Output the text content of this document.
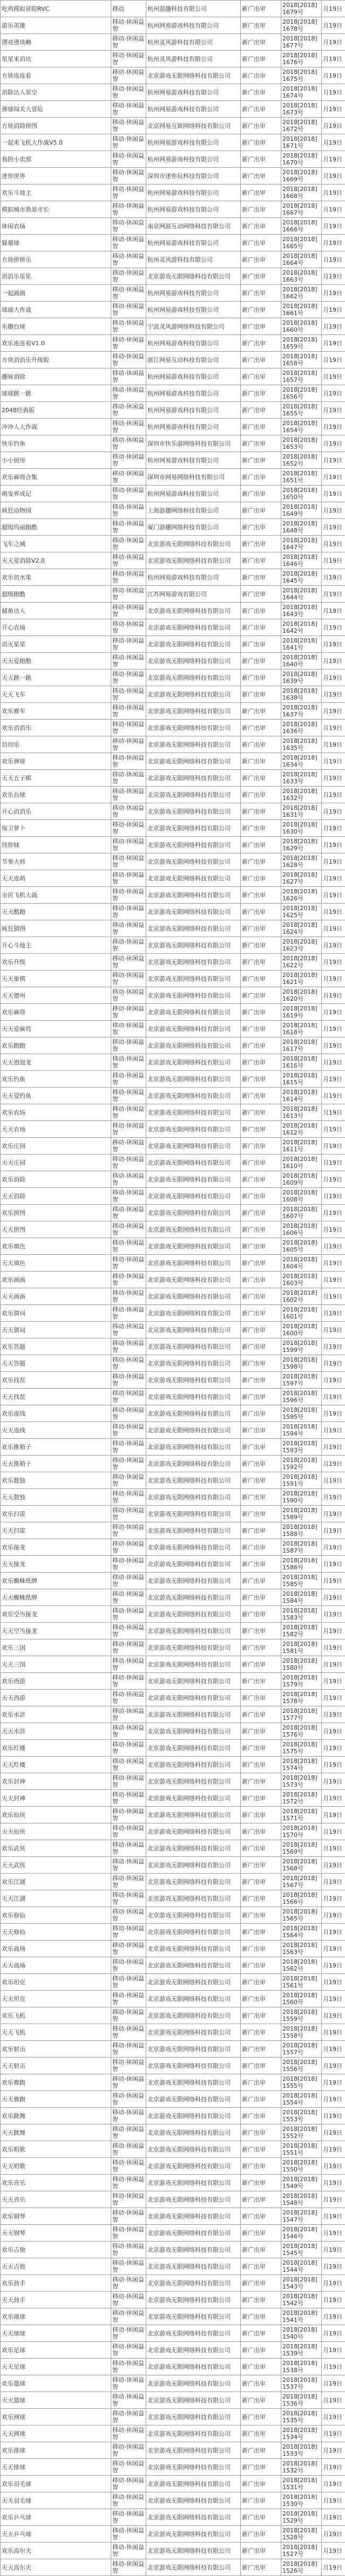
吃鸡模拟冒险RVC	移动	杭州游趣科技有限公司	新广出审	2018[2018]1679号	月19日
游乐英雄	移动-休闲益智	杭州网易游戏科技有限公司	新广出审	2018[2018]1678号	月19日
漂亮滑块赖	移动-休闲益智	杭州灵风游科技有限公司	新广出审	2018[2018]1677号	月19日
星星来消坑	移动-休闲益智	杭州灵风游科技有限公司	新广出审	2018[2018]1676号	月19日
方块连连看	移动-休闲益智	北京游戏无限网络科技有限公司	新广出审	2018[2018]1675号	月19日
消除达人星空	移动-休闲益智	杭州网易游戏科技有限公司	新广出审	2018[2018]1674号	月19日
弹球闯关大冒险	移动-休闲益智	杭州网易游戏科技有限公司	新广出审	2018[2018]1673号	月19日
方块消除拼图	移动-休闲益智	北京网易互娱网络科技有限公司	新广出审	2018[2018]1672号	月19日
一起来飞机大作战V5.0	移动-休闲益智	杭州网易游戏科技有限公司	新广出审	2018[2018]1671号	月19日
我的小卖部	移动-休闲益智	杭州网易游戏科技有限公司	新广出审	2018[2018]1670号	月19日
迷你世界	移动-休闲益智	深圳市迷你玩科技有限公司	新广出审	2018[2018]1669号	月19日
欢乐斗地主	移动-休闲益智	杭州网易游戏科技有限公司	新广出审	2018[2018]1668号	月19日
模拟城市我是市长	移动-休闲益智	杭州网易游戏科技有限公司	新广出审	2018[2018]1667号	月19日
休闲农场	移动-休闲益智	南京网游互动网络科技有限公司	新广出审	2018[2018]1666号	月19日
躲避球	移动-休闲益智	杭州网易游戏科技有限公司	新广出审	2018[2018]1665号	月19日
方块拼拼乐	移动-休闲益智	杭州灵风游科技有限公司	新广出审	2018[2018]1664号	月19日
消消乐星星	移动-休闲益智	北京游戏无限网络科技有限公司	新广出审	2018[2018]1663号	月19日
一起画画	移动-休闲益智	杭州网易游戏科技有限公司	新广出审	2018[2018]1662号	月19日
球球大作战	移动-休闲益智	杭州网易游戏科技有限公司	新广出审	2018[2018]1661号	月19日
乐趣台球	移动-休闲益智	宁波灵风游网络科技有限公司	新广出审	2018[2018]1660号	月19日
欢乐连连看V1.0	移动-休闲益智	杭州网易游戏科技有限公司	新广出审	2018[2018]1659号	月19日
方块消消乐升级版	移动-休闲益智	浙江网易互动科技有限公司	新广出审	2018[2018]1658号	月19日
趣味消除	移动-休闲益智	杭州网易游戏科技有限公司	新广出审	2018[2018]1657号	月19日
球球跳一跳	移动-休闲益智	杭州网易游戏科技有限公司	新广出审	2018[2018]1656号	月19日
2048经典版	移动-休闲益智	杭州网易游戏科技有限公司	新广出审	2018[2018]1655号	月19日
冲冲人大作战	移动-休闲益智	杭州网易游戏科技有限公司	新广出审	2018[2018]1654号	月19日
快乐钓鱼	移动-休闲益智	深圳市快乐游网络科技有限公司	新广出审	2018[2018]1653号	月19日
小小厨房	移动-休闲益智	杭州网易游戏科技有限公司	新广出审	2018[2018]1652号	月19日
欢乐麻将合集	移动-休闲益智	深圳市网易网络科技有限公司	新广出审	2018[2018]1651号	月19日
萌宠养成记	移动-休闲益智	杭州网易游戏科技有限公司	新广出审	2018[2018]1650号	月19日
疯狂动物园	移动-休闲益智	上海游趣网络科技有限公司	新广出审	2018[2018]1649号	月19日
超级玛丽跑酷	移动-休闲益智	厦门游趣网络科技有限公司	新广出审	2018[2018]1648号	月19日
飞车之城	移动-休闲益智	北京游戏无限网络科技有限公司	新广出审	2018[2018]1647号	月19日
天天爱消除V2.0	移动-休闲益智	北京游戏无限网络科技有限公司	新广出审	2018[2018]1646号	月19日
欢乐切水果	移动-休闲益智	杭州网易游戏科技有限公司	新广出审	2018[2018]1645号	月19日
超级跑酷	移动-休闲益智	江苏网易游戏有限公司	新广出审	2018[2018]1644号	月19日
捕鱼达人	移动-休闲益智	北京游戏无限网络科技有限公司	新广出审	2018[2018]1643号	月19日
开心农场	移动-休闲益智	北京游戏无限网络科技有限公司	新广出审	2018[2018]1642号	月19日
消灭星星	移动-休闲益智	北京游戏无限网络科技有限公司	新广出审	2018[2018]1641号	月19日
天天爱跑酷	移动-休闲益智	北京游戏无限网络科技有限公司	新广出审	2018[2018]1640号	月19日
天天跳一跳	移动-休闲益智	北京游戏无限网络科技有限公司	新广出审	2018[2018]1639号	月19日
天天飞车	移动-休闲益智	北京游戏无限网络科技有限公司	新广出审	2018[2018]1638号	月19日
欢乐赛车	移动-休闲益智	北京游戏无限网络科技有限公司	新广出审	2018[2018]1637号	月19日
欢乐消消乐	移动-休闲益智	北京游戏无限网络科技有限公司	新广出审	2018[2018]1636号	月19日
切切乐	移动-休闲益智	北京游戏无限网络科技有限公司	新广出审	2018[2018]1635号	月19日
欢乐弹球	移动-休闲益智	北京游戏无限网络科技有限公司	新广出审	2018[2018]1634号	月19日
天天五子棋	移动-休闲益智	北京游戏无限网络科技有限公司	新广出审	2018[2018]1633号	月19日
欢乐台球	移动-休闲益智	北京游戏无限网络科技有限公司	新广出审	2018[2018]1632号	月19日
开心消消乐	移动-休闲益智	北京游戏无限网络科技有限公司	新广出审	2018[2018]1631号	月19日
保卫萝卜	移动-休闲益智	北京游戏无限网络科技有限公司	新广出审	2018[2018]1630号	月19日
找你妹	移动-休闲益智	北京游戏无限网络科技有限公司	新广出审	2018[2018]1629号	月19日
节奏大师	移动-休闲益智	北京游戏无限网络科技有限公司	新广出审	2018[2018]1628号	月19日
天天连萌	移动-休闲益智	北京游戏无限网络科技有限公司	新广出审	2018[2018]1627号	月19日
全民飞机大战	移动-休闲益智	北京游戏无限网络科技有限公司	新广出审	2018[2018]1626号	月19日
天天酷跑	移动-休闲益智	北京游戏无限网络科技有限公司	新广出审	2018[2018]1625号	月19日
疯狂猜图	移动-休闲益智	北京游戏无限网络科技有限公司	新广出审	2018[2018]1624号	月19日
开心斗地主	移动-休闲益智	北京游戏无限网络科技有限公司	新广出审	2018[2018]1623号	月19日
欢乐升级	移动-休闲益智	北京游戏无限网络科技有限公司	新广出审	2018[2018]1622号	月19日
天天象棋	移动-休闲益智	北京游戏无限网络科技有限公司	新广出审	2018[2018]1621号	月19日
天天德州	移动-休闲益智	北京游戏无限网络科技有限公司	新广出审	2018[2018]1620号	月19日
欢乐麻将	移动-休闲益智	北京游戏无限网络科技有限公司	新广出审	2018[2018]1619号	月19日
天天爱麻将	移动-休闲益智	北京游戏无限网络科技有限公司	新广出审	2018[2018]1618号	月19日
欢乐跑跑	移动-休闲益智	北京游戏无限网络科技有限公司	新广出审	2018[2018]1617号	月19日
天天泡泡龙	移动-休闲益智	北京游戏无限网络科技有限公司	新广出审	2018[2018]1616号	月19日
欢乐钓鱼	移动-休闲益智	北京游戏无限网络科技有限公司	新广出审	2018[2018]1615号	月19日
天天爱钓鱼	移动-休闲益智	北京游戏无限网络科技有限公司	新广出审	2018[2018]1614号	月19日
欢乐农场	移动-休闲益智	北京游戏无限网络科技有限公司	新广出审	2018[2018]1613号	月19日
天天农场	移动-休闲益智	北京游戏无限网络科技有限公司	新广出审	2018[2018]1612号	月19日
欢乐庄园	移动-休闲益智	北京游戏无限网络科技有限公司	新广出审	2018[2018]1611号	月19日
天天庄园	移动-休闲益智	北京游戏无限网络科技有限公司	新广出审	2018[2018]1610号	月19日
欢乐消除	移动-休闲益智	北京游戏无限网络科技有限公司	新广出审	2018[2018]1609号	月19日
天天消除	移动-休闲益智	北京游戏无限网络科技有限公司	新广出审	2018[2018]1608号	月19日
欢乐拼图	移动-休闲益智	北京游戏无限网络科技有限公司	新广出审	2018[2018]1607号	月19日
天天拼图	移动-休闲益智	北京游戏无限网络科技有限公司	新广出审	2018[2018]1606号	月19日
欢乐填色	移动-休闲益智	北京游戏无限网络科技有限公司	新广出审	2018[2018]1605号	月19日
天天填色	移动-休闲益智	北京游戏无限网络科技有限公司	新广出审	2018[2018]1604号	月19日
欢乐画画	移动-休闲益智	北京游戏无限网络科技有限公司	新广出审	2018[2018]1603号	月19日
天天画画	移动-休闲益智	北京游戏无限网络科技有限公司	新广出审	2018[2018]1602号	月19日
欢乐猜词	移动-休闲益智	北京游戏无限网络科技有限公司	新广出审	2018[2018]1601号	月19日
天天猜词	移动-休闲益智	北京游戏无限网络科技有限公司	新广出审	2018[2018]1600号	月19日
欢乐答题	移动-休闲益智	北京游戏无限网络科技有限公司	新广出审	2018[2018]1599号	月19日
天天答题	移动-休闲益智	北京游戏无限网络科技有限公司	新广出审	2018[2018]1598号	月19日
欢乐找茬	移动-休闲益智	北京游戏无限网络科技有限公司	新广出审	2018[2018]1597号	月19日
天天找茬	移动-休闲益智	北京游戏无限网络科技有限公司	新广出审	2018[2018]1596号	月19日
欢乐连线	移动-休闲益智	北京游戏无限网络科技有限公司	新广出审	2018[2018]1595号	月19日
天天连线	移动-休闲益智	北京游戏无限网络科技有限公司	新广出审	2018[2018]1594号	月19日
欢乐推箱子	移动-休闲益智	北京游戏无限网络科技有限公司	新广出审	2018[2018]1593号	月19日
天天推箱子	移动-休闲益智	北京游戏无限网络科技有限公司	新广出审	2018[2018]1592号	月19日
欢乐数独	移动-休闲益智	北京游戏无限网络科技有限公司	新广出审	2018[2018]1591号	月19日
天天数独	移动-休闲益智	北京游戏无限网络科技有限公司	新广出审	2018[2018]1590号	月19日
欢乐扫雷	移动-休闲益智	北京游戏无限网络科技有限公司	新广出审	2018[2018]1589号	月19日
天天扫雷	移动-休闲益智	北京游戏无限网络科技有限公司	新广出审	2018[2018]1588号	月19日
欢乐接龙	移动-休闲益智	北京游戏无限网络科技有限公司	新广出审	2018[2018]1587号	月19日
天天接龙	移动-休闲益智	北京游戏无限网络科技有限公司	新广出审	2018[2018]1586号	月19日
欢乐蜘蛛纸牌	移动-休闲益智	北京游戏无限网络科技有限公司	新广出审	2018[2018]1585号	月19日
天天蜘蛛纸牌	移动-休闲益智	北京游戏无限网络科技有限公司	新广出审	2018[2018]1584号	月19日
欢乐空当接龙	移动-休闲益智	北京游戏无限网络科技有限公司	新广出审	2018[2018]1583号	月19日
天天空当接龙	移动-休闲益智	北京游戏无限网络科技有限公司	新广出审	2018[2018]1582号	月19日
欢乐三国	移动-休闲益智	北京游戏无限网络科技有限公司	新广出审	2018[2018]1581号	月19日
天天三国	移动-休闲益智	北京游戏无限网络科技有限公司	新广出审	2018[2018]1580号	月19日
欢乐西游	移动-休闲益智	北京游戏无限网络科技有限公司	新广出审	2018[2018]1579号	月19日
天天西游	移动-休闲益智	北京游戏无限网络科技有限公司	新广出审	2018[2018]1578号	月19日
欢乐水浒	移动-休闲益智	北京游戏无限网络科技有限公司	新广出审	2018[2018]1577号	月19日
天天水浒	移动-休闲益智	北京游戏无限网络科技有限公司	新广出审	2018[2018]1576号	月19日
欢乐红楼	移动-休闲益智	北京游戏无限网络科技有限公司	新广出审	2018[2018]1575号	月19日
天天红楼	移动-休闲益智	北京游戏无限网络科技有限公司	新广出审	2018[2018]1574号	月19日
欢乐封神	移动-休闲益智	北京游戏无限网络科技有限公司	新广出审	2018[2018]1573号	月19日
天天封神	移动-休闲益智	北京游戏无限网络科技有限公司	新广出审	2018[2018]1572号	月19日
欢乐仙侠	移动-休闲益智	北京游戏无限网络科技有限公司	新广出审	2018[2018]1571号	月19日
天天仙侠	移动-休闲益智	北京游戏无限网络科技有限公司	新广出审	2018[2018]1570号	月19日
欢乐武侠	移动-休闲益智	北京游戏无限网络科技有限公司	新广出审	2018[2018]1569号	月19日
天天武侠	移动-休闲益智	北京游戏无限网络科技有限公司	新广出审	2018[2018]1568号	月19日
欢乐江湖	移动-休闲益智	北京游戏无限网络科技有限公司	新广出审	2018[2018]1567号	月19日
天天江湖	移动-休闲益智	北京游戏无限网络科技有限公司	新广出审	2018[2018]1566号	月19日
欢乐修仙	移动-休闲益智	北京游戏无限网络科技有限公司	新广出审	2018[2018]1565号	月19日
天天修仙	移动-休闲益智	北京游戏无限网络科技有限公司	新广出审	2018[2018]1564号	月19日
欢乐战场	移动-休闲益智	北京游戏无限网络科技有限公司	新广出审	2018[2018]1563号	月19日
天天战场	移动-休闲益智	北京游戏无限网络科技有限公司	新广出审	2018[2018]1562号	月19日
欢乐坦克	移动-休闲益智	北京游戏无限网络科技有限公司	新广出审	2018[2018]1561号	月19日
天天坦克	移动-休闲益智	北京游戏无限网络科技有限公司	新广出审	2018[2018]1560号	月19日
欢乐飞机	移动-休闲益智	北京游戏无限网络科技有限公司	新广出审	2018[2018]1559号	月19日
天天飞机	移动-休闲益智	北京游戏无限网络科技有限公司	新广出审	2018[2018]1558号	月19日
欢乐射击	移动-休闲益智	北京游戏无限网络科技有限公司	新广出审	2018[2018]1557号	月19日
天天射击	移动-休闲益智	北京游戏无限网络科技有限公司	新广出审	2018[2018]1556号	月19日
欢乐赛跑	移动-休闲益智	北京游戏无限网络科技有限公司	新广出审	2018[2018]1555号	月19日
天天赛跑	移动-休闲益智	北京游戏无限网络科技有限公司	新广出审	2018[2018]1554号	月19日
欢乐跳舞	移动-休闲益智	北京游戏无限网络科技有限公司	新广出审	2018[2018]1553号	月19日
天天跳舞	移动-休闲益智	北京游戏无限网络科技有限公司	新广出审	2018[2018]1552号	月19日
欢乐唱歌	移动-休闲益智	北京游戏无限网络科技有限公司	新广出审	2018[2018]1551号	月19日
天天唱歌	移动-休闲益智	北京游戏无限网络科技有限公司	新广出审	2018[2018]1550号	月19日
欢乐音乐	移动-休闲益智	北京游戏无限网络科技有限公司	新广出审	2018[2018]1549号	月19日
天天音乐	移动-休闲益智	北京游戏无限网络科技有限公司	新广出审	2018[2018]1548号	月19日
欢乐钢琴	移动-休闲益智	北京游戏无限网络科技有限公司	新广出审	2018[2018]1547号	月19日
天天钢琴	移动-休闲益智	北京游戏无限网络科技有限公司	新广出审	2018[2018]1546号	月19日
欢乐吉他	移动-休闲益智	北京游戏无限网络科技有限公司	新广出审	2018[2018]1545号	月19日
天天吉他	移动-休闲益智	北京游戏无限网络科技有限公司	新广出审	2018[2018]1544号	月19日
欢乐鼓手	移动-休闲益智	北京游戏无限网络科技有限公司	新广出审	2018[2018]1543号	月19日
天天鼓手	移动-休闲益智	北京游戏无限网络科技有限公司	新广出审	2018[2018]1542号	月19日
欢乐球球	移动-休闲益智	北京游戏无限网络科技有限公司	新广出审	2018[2018]1541号	月19日
天天球球	移动-休闲益智	北京游戏无限网络科技有限公司	新广出审	2018[2018]1540号	月19日
欢乐足球	移动-休闲益智	北京游戏无限网络科技有限公司	新广出审	2018[2018]1539号	月19日
天天足球	移动-休闲益智	北京游戏无限网络科技有限公司	新广出审	2018[2018]1538号	月19日
欢乐篮球	移动-休闲益智	北京游戏无限网络科技有限公司	新广出审	2018[2018]1537号	月19日
天天篮球	移动-休闲益智	北京游戏无限网络科技有限公司	新广出审	2018[2018]1536号	月19日
欢乐网球	移动-休闲益智	北京游戏无限网络科技有限公司	新广出审	2018[2018]1535号	月19日
天天网球	移动-休闲益智	北京游戏无限网络科技有限公司	新广出审	2018[2018]1534号	月19日
欢乐排球	移动-休闲益智	北京游戏无限网络科技有限公司	新广出审	2018[2018]1533号	月19日
天天排球	移动-休闲益智	北京游戏无限网络科技有限公司	新广出审	2018[2018]1532号	月19日
欢乐羽毛球	移动-休闲益智	北京游戏无限网络科技有限公司	新广出审	2018[2018]1531号	月19日
天天羽毛球	移动-休闲益智	北京游戏无限网络科技有限公司	新广出审	2018[2018]1530号	月19日
欢乐乒乓球	移动-休闲益智	北京游戏无限网络科技有限公司	新广出审	2018[2018]1529号	月19日
天天乒乓球	移动-休闲益智	北京游戏无限网络科技有限公司	新广出审	2018[2018]1528号	月19日
欢乐高尔夫	移动-休闲益智	北京游戏无限网络科技有限公司	新广出审	2018[2018]1527号	月19日
天天高尔夫	移动-休闲益智	北京游戏无限网络科技有限公司	新广出审	2018[2018]1526号	月19日
